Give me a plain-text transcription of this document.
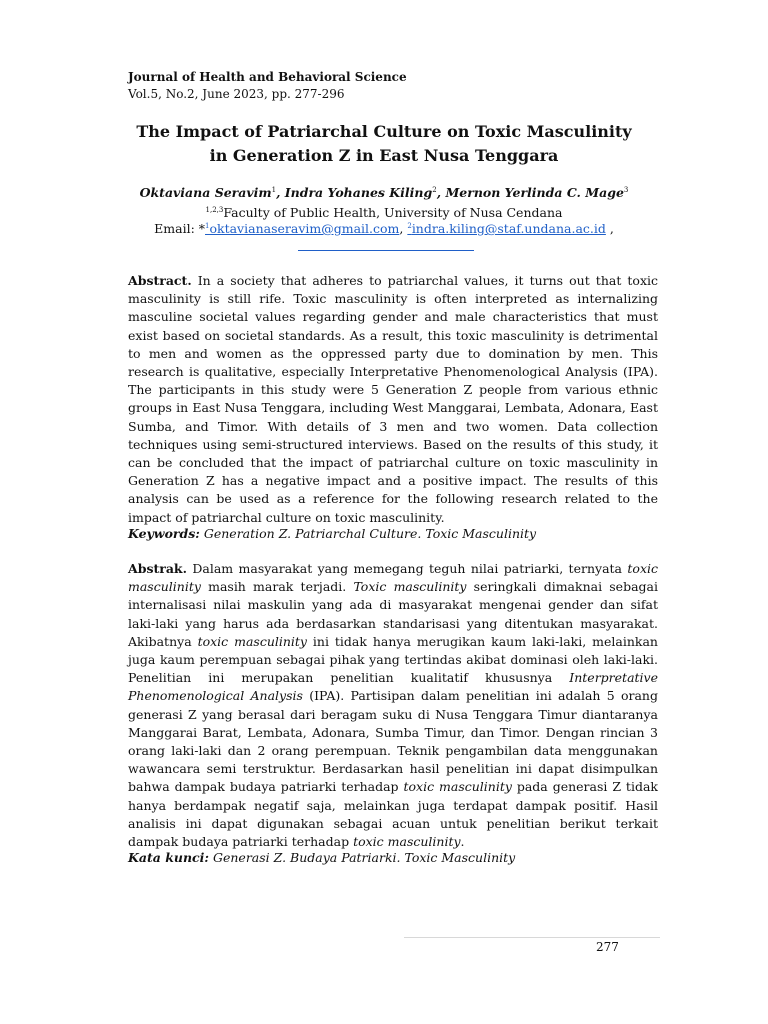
Journal of Health and Behavioral Science
Vol.5, No.2, June 2023, pp. 277-296
The Impact of Patriarchal Culture on Toxic Masculinity in Generation Z in East Nusa Tenggara
Oktaviana Seravim$^1$, Indra Yohanes Kiling$^2$, Mernon Yerlinda C. Mage$^3$
$^{1,2,3}$Faculty of Public Health, University of Nusa Cendana
Email: *$^1$oktavianaseravim@gmail.com, $^2$indra.kiling@staf.undana.ac.id ,
Abstract. In a society that adheres to patriarchal values, it turns out that toxic masculinity is still rife. Toxic masculinity is often interpreted as internalizing masculine societal values regarding gender and male characteristics that must exist based on societal standards. As a result, this toxic masculinity is detrimental to men and women as the oppressed party due to domination by men. This research is qualitative, especially Interpretative Phenomenological Analysis (IPA). The participants in this study were 5 Generation Z people from various ethnic groups in East Nusa Tenggara, including West Manggarai, Lembata, Adonara, East Sumba, and Timor. With details of 3 men and two women. Data collection techniques using semi-structured interviews. Based on the results of this study, it can be concluded that the impact of patriarchal culture on toxic masculinity in Generation Z has a negative impact and a positive impact. The results of this analysis can be used as a reference for the following research related to the impact of patriarchal culture on toxic masculinity.
Keywords: Generation Z. Patriarchal Culture. Toxic Masculinity
Abstrak. Dalam masyarakat yang memegang teguh nilai patriarki, ternyata toxic masculinity masih marak terjadi. Toxic masculinity seringkali dimaknai sebagai internalisasi nilai maskulin yang ada di masyarakat mengenai gender dan sifat laki-laki yang harus ada berdasarkan standarisasi yang ditentukan masyarakat. Akibatnya toxic masculinity ini tidak hanya merugikan kaum laki-laki, melainkan juga kaum perempuan sebagai pihak yang tertindas akibat dominasi oleh laki-laki. Penelitian ini merupakan penelitian kualitatif khususnya Interpretative Phenomenological Analysis (IPA). Partisipan dalam penelitian ini adalah 5 orang generasi Z yang berasal dari beragam suku di Nusa Tenggara Timur diantaranya Manggarai Barat, Lembata, Adonara, Sumba Timur, dan Timor. Dengan rincian 3 orang laki-laki dan 2 orang perempuan. Teknik pengambilan data menggunakan wawancara semi terstruktur. Berdasarkan hasil penelitian ini dapat disimpulkan bahwa dampak budaya patriarki terhadap toxic masculinity pada generasi Z tidak hanya berdampak negatif saja, melainkan juga terdapat dampak positif. Hasil analisis ini dapat digunakan sebagai acuan untuk penelitian berikut terkait dampak budaya patriarki terhadap toxic masculinity.
Kata kunci: Generasi Z. Budaya Patriarki. Toxic Masculinity
277
